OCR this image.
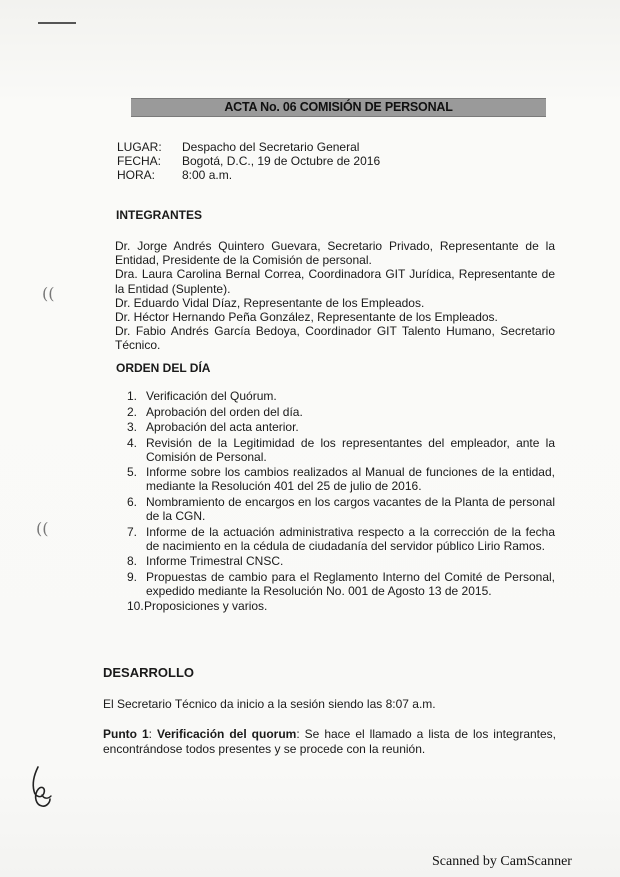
ACTA No. 06 COMISIÓN DE PERSONAL
LUGAR:	Despacho del Secretario General
FECHA:	Bogotá, D.C., 19 de Octubre de 2016
HORA:	8:00 a.m.
INTEGRANTES
Dr. Jorge Andrés Quintero Guevara, Secretario Privado, Representante de la Entidad, Presidente de la Comisión de personal.
Dra. Laura Carolina Bernal Correa, Coordinadora GIT Jurídica, Representante de la Entidad (Suplente).
Dr. Eduardo Vidal Díaz, Representante de los Empleados.
Dr. Héctor Hernando Peña González, Representante de los Empleados.
Dr. Fabio Andrés García Bedoya, Coordinador GIT Talento Humano, Secretario Técnico.
ORDEN DEL DÍA
1. Verificación del Quórum.
2. Aprobación del orden del día.
3. Aprobación del acta anterior.
4. Revisión de la Legitimidad de los representantes del empleador, ante la Comisión de Personal.
5. Informe sobre los cambios realizados al Manual de funciones de la entidad, mediante la Resolución 401 del 25 de julio de 2016.
6. Nombramiento de encargos en los cargos vacantes de la Planta de personal de la CGN.
7. Informe de la actuación administrativa respecto a la corrección de la fecha de nacimiento en la cédula de ciudadanía del servidor público Lirio Ramos.
8. Informe Trimestral CNSC.
9. Propuestas de cambio para el Reglamento Interno del Comité de Personal, expedido mediante la Resolución No. 001 de Agosto 13 de 2015.
10. Proposiciones y varios.
DESARROLLO
El Secretario Técnico da inicio a la sesión siendo las 8:07 a.m.
Punto 1: Verificación del quorum: Se hace el llamado a lista de los integrantes, encontrándose todos presentes y se procede con la reunión.
((
((
Scanned by CamScanner
